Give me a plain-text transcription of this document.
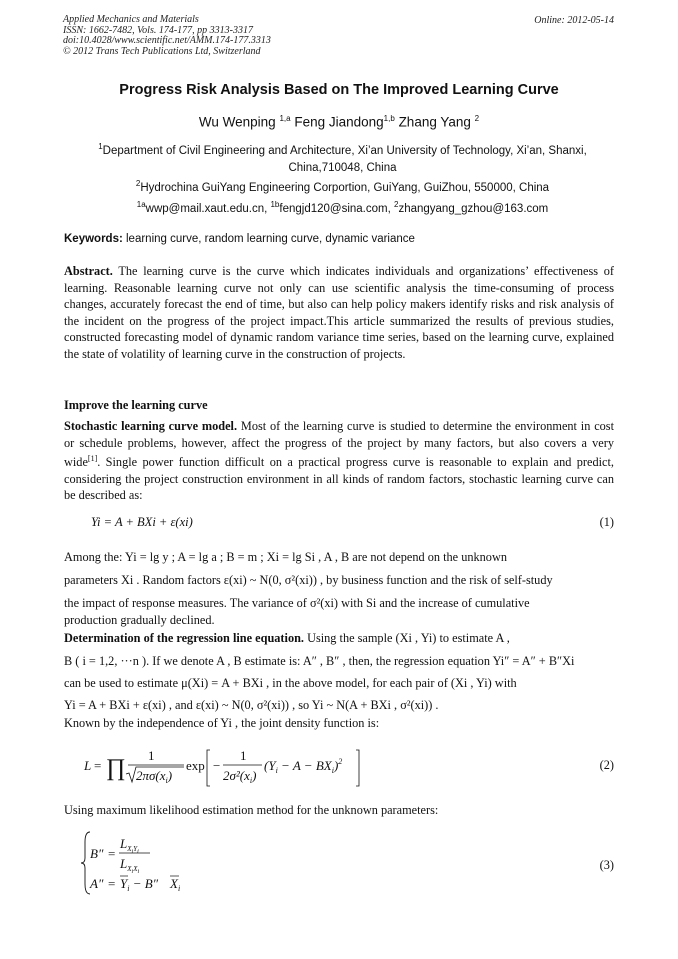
Applied Mechanics and Materials
ISSN: 1662-7482, Vols. 174-177, pp 3313-3317
doi:10.4028/www.scientific.net/AMM.174-177.3313
© 2012 Trans Tech Publications Ltd, Switzerland
Online: 2012-05-14
Progress Risk Analysis Based on The Improved Learning Curve
Wu Wenping $^{1,a}$ Feng Jiandong$^{1,b}$ Zhang Yang $^2$
$^1$Department of Civil Engineering and Architecture, Xi’an University of Technology, Xi’an, Shanxi, China,710048, China
$^2$Hydrochina GuiYang Engineering Corportion, GuiYang, GuiZhou, 550000, China
$^{1a}$wwp@mail.xaut.edu.cn, $^{1b}$fengjd120@sina.com, $^2$zhangyang_gzhou@163.com
Keywords: learning curve, random learning curve, dynamic variance
Abstract. The learning curve is the curve which indicates individuals and organizations’ effectiveness of learning. Reasonable learning curve not only can use scientific analysis the time-consuming of process changes, accurately forecast the end of time, but also can help policy makers identify risks and risk analysis of the incident on the progress of the project impact.This article summarized the results of previous studies, constructed forecasting model of dynamic random variance time series, based on the learning curve, explained the state of volatility of learning curve in the construction of projects.
Improve the learning curve
Stochastic learning curve model. Most of the learning curve is studied to determine the environment in cost or schedule problems, however, affect the progress of the project by many factors, but also covers a very wide[1]. Single power function difficult on a practical progress curve is reasonable to explain and predict, considering the project construction environment in all kinds of random factors, stochastic learning curve can be described as:
Yi = A + BXi + ε(xi)	(1)
Among the: Yi = lg y ; A = lg a ; B = m ; Xi = lg Si , A , B are not depend on the unknown
parameters Xi . Random factors ε(xi) ~ N(0, σ²(xi)) , by business function and the risk of self-study
the impact of response measures. The variance of σ²(xi) with Si and the increase of cumulative
production gradually declined.
Determination of the regression line equation. Using the sample (Xi , Yi) to estimate A ,
B ( i = 1,2, ···n ). If we denote A , B estimate is: A″ , B″ , then, the regression equation Yi″ = A″ + B″Xi
can be used to estimate μ(Xi) = A + BXi , in the above model, for each pair of (Xi , Yi) with
Yi = A + BXi + ε(xi) , and ε(xi) ~ N(0, σ²(xi)) , so Yi ~ N(A + BXi , σ²(xi)) .
Known by the independence of Yi , the joint density function is:
L = ∏ 1
$2\pi\sigma(x_i)$
exp −
1
$2\sigma^2(x_i)$
$(Y_i - A - BX_i)^2$	(2)
Using maximum likelihood estimation method for the unknown parameters:
B″ =
$L_XiYi$
$L_XiXi$
$A'' = Y_i - B''$ $X_i$
(3)
